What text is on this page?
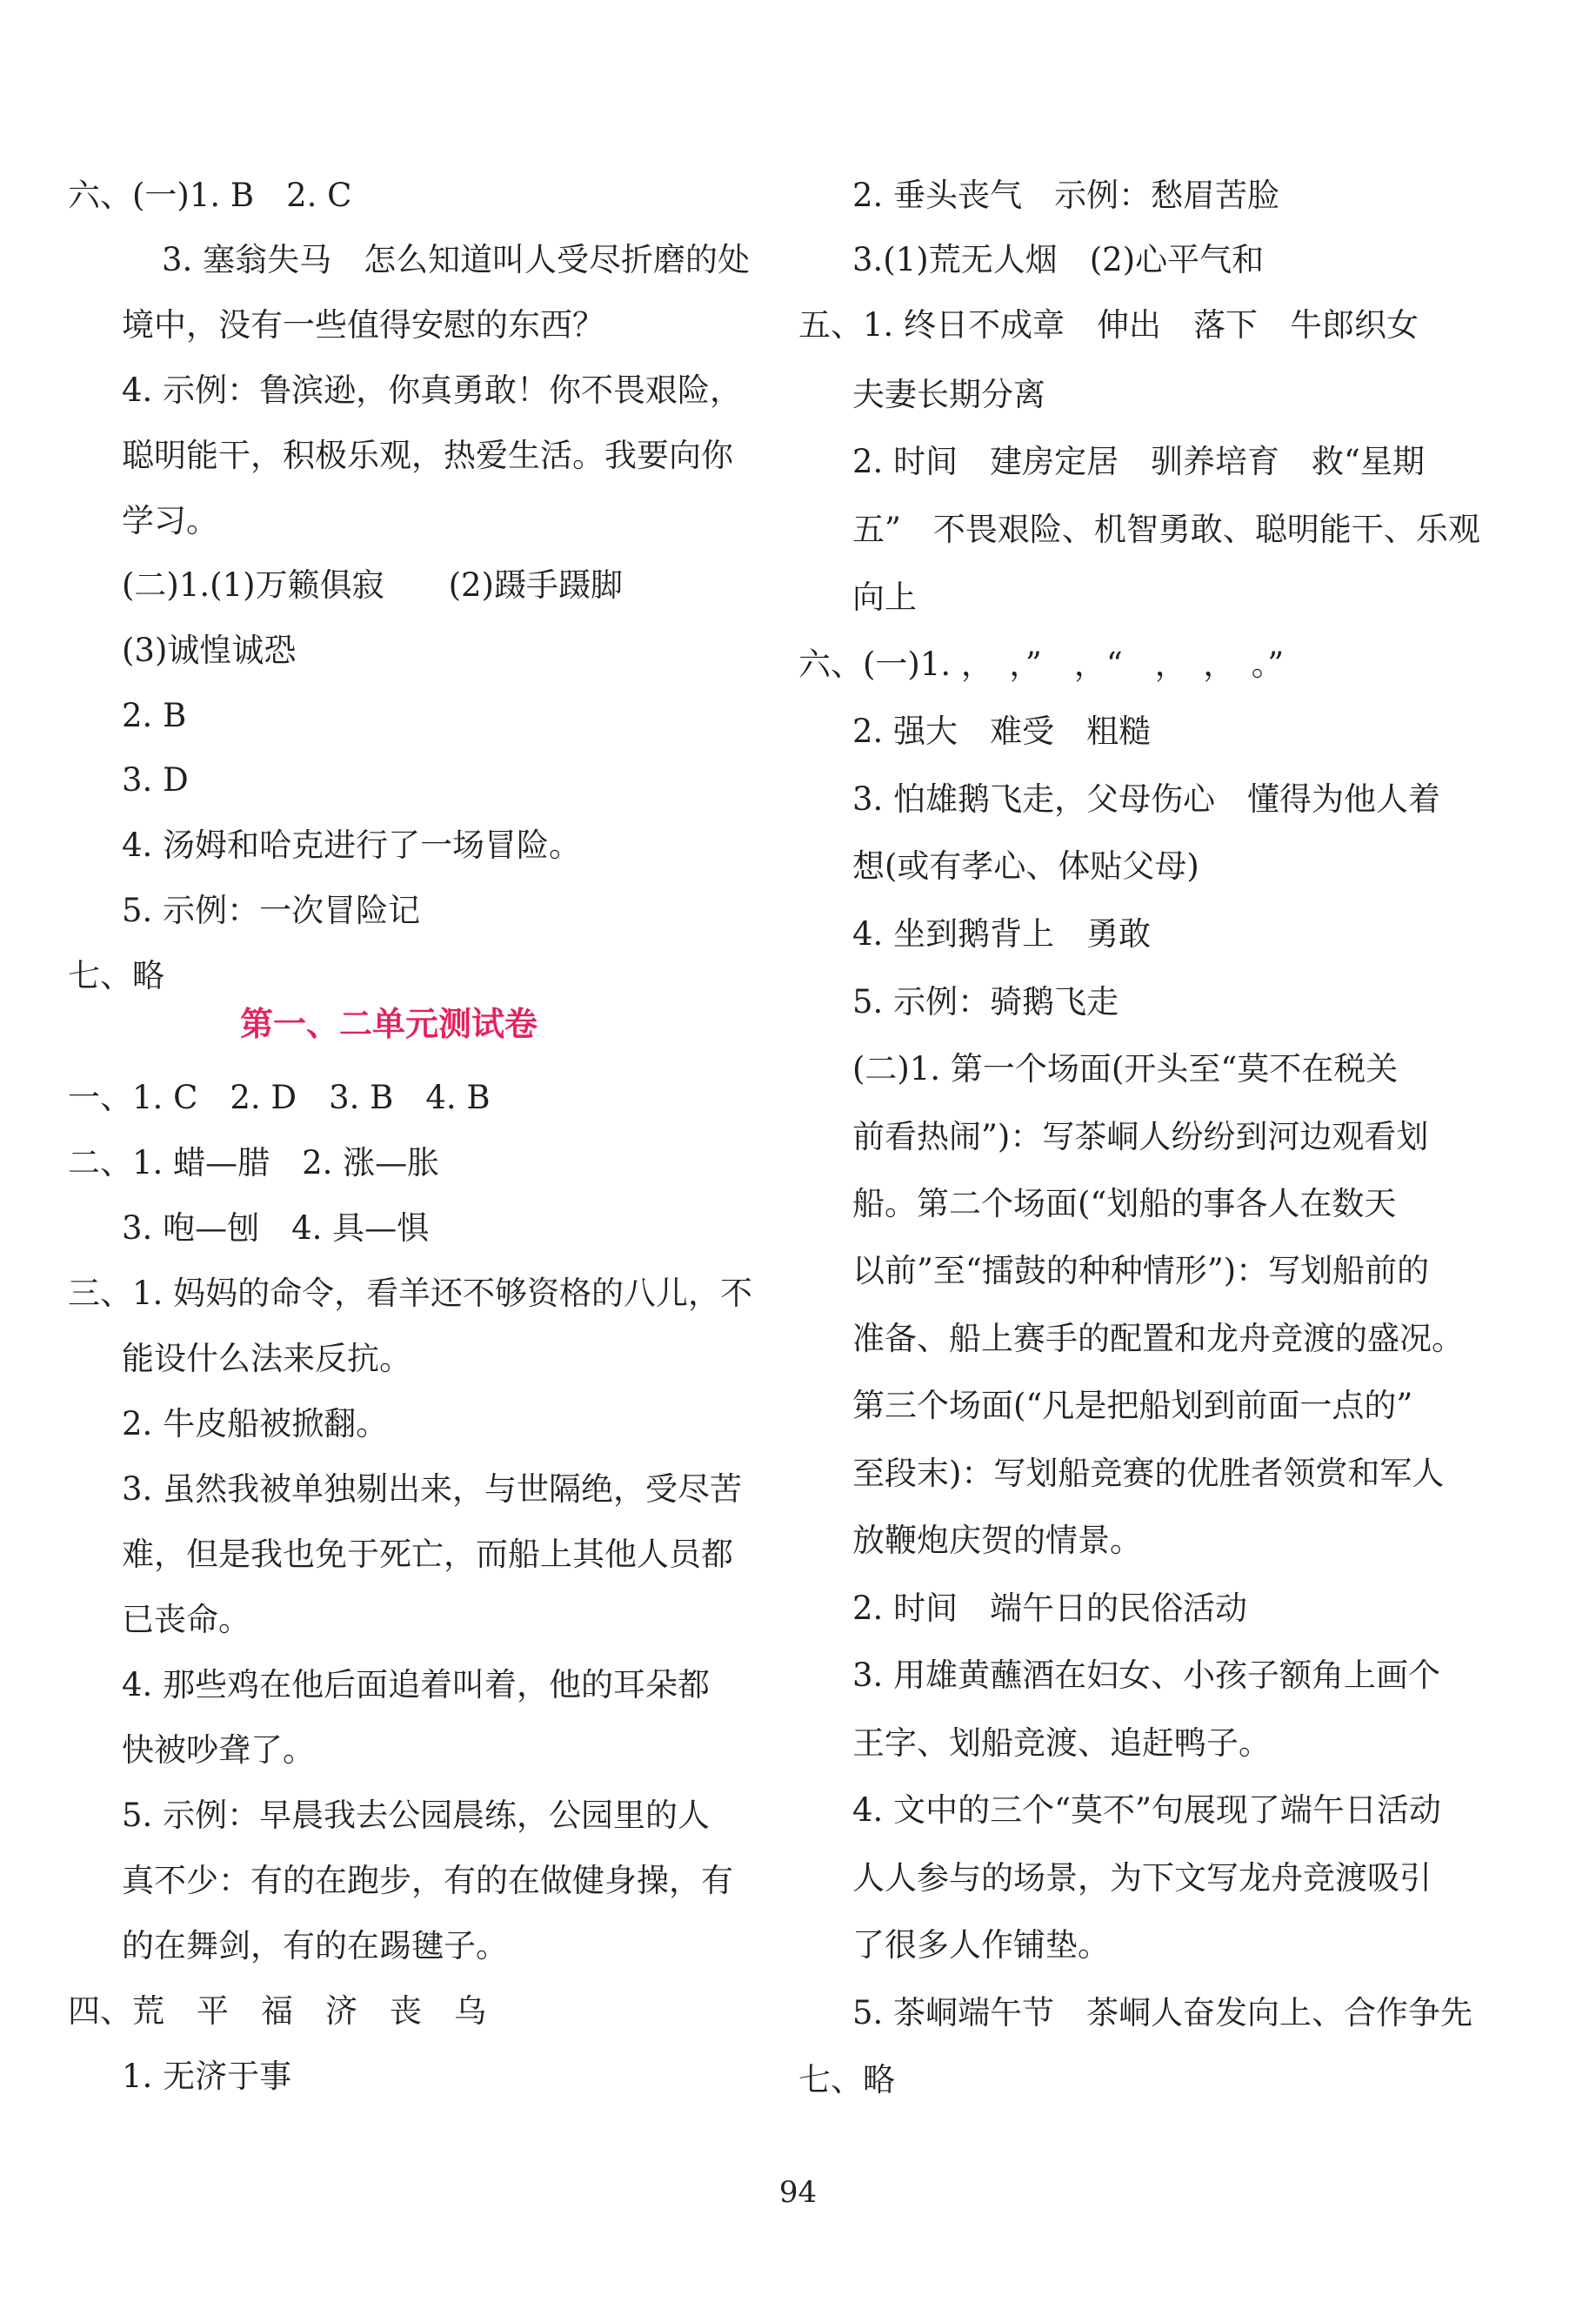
六、(一)1. B　2. C
3. 塞翁失马　怎么知道叫人受尽折磨的处
境中，没有一些值得安慰的东西？
4. 示例：鲁滨逊，你真勇敢！你不畏艰险，
聪明能干，积极乐观，热爱生活。我要向你
学习。
(二)1.(1)万籁俱寂　　(2)蹑手蹑脚
(3)诚惶诚恐
2. B
3. D
4. 汤姆和哈克进行了一场冒险。
5. 示例：一次冒险记
七、略
第一、二单元测试卷
一、1. C　2. D　3. B　4. B
二、1. 蜡—腊　2. 涨—胀
3. 咆—刨　4. 具—惧
三、1. 妈妈的命令，看羊还不够资格的八儿，不
能设什么法来反抗。
2. 牛皮船被掀翻。
3. 虽然我被单独剔出来，与世隔绝，受尽苦
难，但是我也免于死亡，而船上其他人员都
已丧命。
4. 那些鸡在他后面追着叫着，他的耳朵都
快被吵聋了。
5. 示例：早晨我去公园晨练，公园里的人
真不少：有的在跑步，有的在做健身操，有
的在舞剑，有的在踢毽子。
四、荒　平　福　济　丧　乌
1. 无济于事
2. 垂头丧气　示例：愁眉苦脸
3.(1)荒无人烟　(2)心平气和
五、1. 终日不成章　伸出　落下　牛郎织女
夫妻长期分离
2. 时间　建房定居　驯养培育　救“星期
五”　不畏艰险、机智勇敢、聪明能干、乐观
向上
六、(一)1. ，　，”　，“　，　，　。”
2. 强大　难受　粗糙
3. 怕雄鹅飞走，父母伤心　懂得为他人着
想(或有孝心、体贴父母)
4. 坐到鹅背上　勇敢
5. 示例：骑鹅飞走
(二)1. 第一个场面(开头至“莫不在税关
前看热闹”)：写茶峒人纷纷到河边观看划
船。第二个场面(“划船的事各人在数天
以前”至“擂鼓的种种情形”)：写划船前的
准备、船上赛手的配置和龙舟竞渡的盛况。
第三个场面(“凡是把船划到前面一点的”
至段末)：写划船竞赛的优胜者领赏和军人
放鞭炮庆贺的情景。
2. 时间　端午日的民俗活动
3. 用雄黄蘸酒在妇女、小孩子额角上画个
王字、划船竞渡、追赶鸭子。
4. 文中的三个“莫不”句展现了端午日活动
人人参与的场景，为下文写龙舟竞渡吸引
了很多人作铺垫。
5. 茶峒端午节　茶峒人奋发向上、合作争先
七、略
94
